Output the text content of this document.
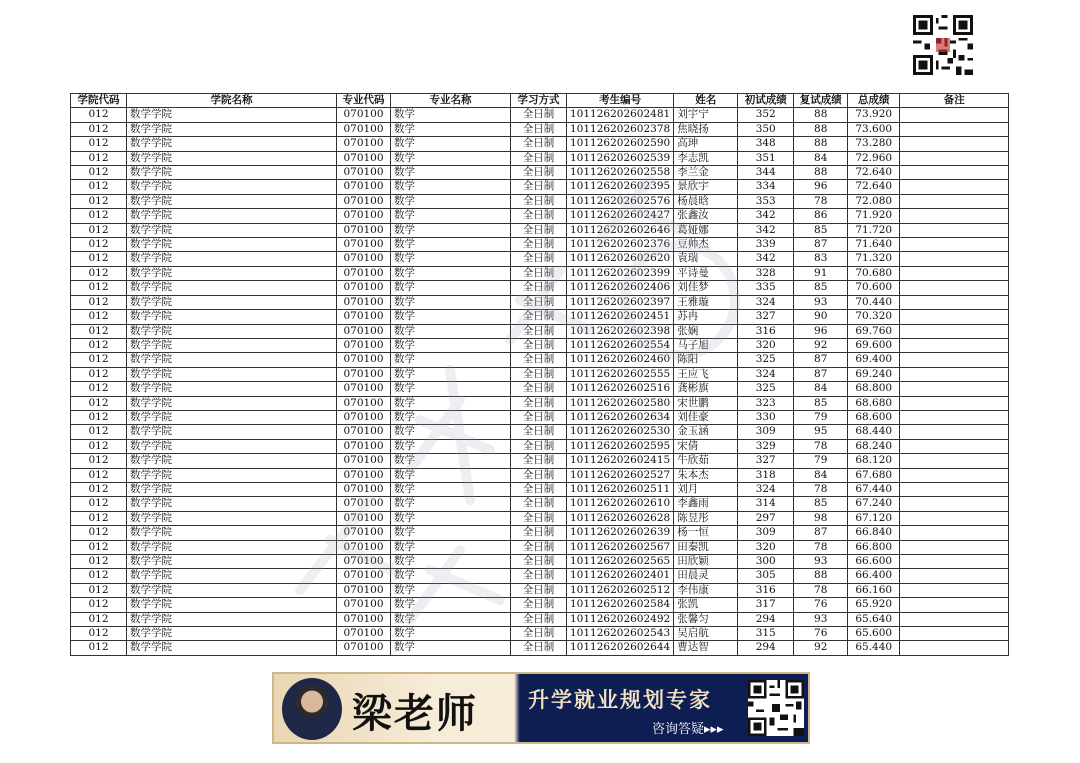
学院代码	学院名称	专业代码	专业名称	学习方式	考生编号	姓名	初试成绩	复试成绩	总成绩	备注
012	数学学院	070100	数学	全日制	101126202602481	刘宇宁	352	88	73.920	
012	数学学院	070100	数学	全日制	101126202602378	焦晓扬	350	88	73.600	
012	数学学院	070100	数学	全日制	101126202602590	高珅	348	88	73.280	
012	数学学院	070100	数学	全日制	101126202602539	李志凯	351	84	72.960	
012	数学学院	070100	数学	全日制	101126202602558	李兰金	344	88	72.640	
012	数学学院	070100	数学	全日制	101126202602395	景欣宇	334	96	72.640	
012	数学学院	070100	数学	全日制	101126202602576	杨晨晗	353	78	72.080	
012	数学学院	070100	数学	全日制	101126202602427	张鑫汝	342	86	71.920	
012	数学学院	070100	数学	全日制	101126202602646	葛娅娜	342	85	71.720	
012	数学学院	070100	数学	全日制	101126202602376	豆帅杰	339	87	71.640	
012	数学学院	070100	数学	全日制	101126202602620	袁瑞	342	83	71.320	
012	数学学院	070100	数学	全日制	101126202602399	平诗曼	328	91	70.680	
012	数学学院	070100	数学	全日制	101126202602406	刘佳梦	335	85	70.600	
012	数学学院	070100	数学	全日制	101126202602397	王雅璇	324	93	70.440	
012	数学学院	070100	数学	全日制	101126202602451	苏冉	327	90	70.320	
012	数学学院	070100	数学	全日制	101126202602398	张娴	316	96	69.760	
012	数学学院	070100	数学	全日制	101126202602554	马子旭	320	92	69.600	
012	数学学院	070100	数学	全日制	101126202602460	陈阳	325	87	69.400	
012	数学学院	070100	数学	全日制	101126202602555	王应飞	324	87	69.240	
012	数学学院	070100	数学	全日制	101126202602516	龚彬旗	325	84	68.800	
012	数学学院	070100	数学	全日制	101126202602580	宋世鹏	323	85	68.680	
012	数学学院	070100	数学	全日制	101126202602634	刘佳豪	330	79	68.600	
012	数学学院	070100	数学	全日制	101126202602530	金玉涵	309	95	68.440	
012	数学学院	070100	数学	全日制	101126202602595	宋倩	329	78	68.240	
012	数学学院	070100	数学	全日制	101126202602415	牛欣茹	327	79	68.120	
012	数学学院	070100	数学	全日制	101126202602527	朱本杰	318	84	67.680	
012	数学学院	070100	数学	全日制	101126202602511	刘月	324	78	67.440	
012	数学学院	070100	数学	全日制	101126202602610	李鑫雨	314	85	67.240	
012	数学学院	070100	数学	全日制	101126202602628	陈昱彤	297	98	67.120	
012	数学学院	070100	数学	全日制	101126202602639	杨一恒	309	87	66.840	
012	数学学院	070100	数学	全日制	101126202602567	田秦凯	320	78	66.800	
012	数学学院	070100	数学	全日制	101126202602565	田欣颖	300	93	66.600	
012	数学学院	070100	数学	全日制	101126202602401	田晨灵	305	88	66.400	
012	数学学院	070100	数学	全日制	101126202602512	李伟康	316	78	66.160	
012	数学学院	070100	数学	全日制	101126202602584	张凯	317	76	65.920	
012	数学学院	070100	数学	全日制	101126202602492	张馨匀	294	93	65.640	
012	数学学院	070100	数学	全日制	101126202602543	吴启航	315	76	65.600	
012	数学学院	070100	数学	全日制	101126202602644	曹达智	294	92	65.440	
梁老师 升学就业规划专家
咨询答疑▸▸▸
